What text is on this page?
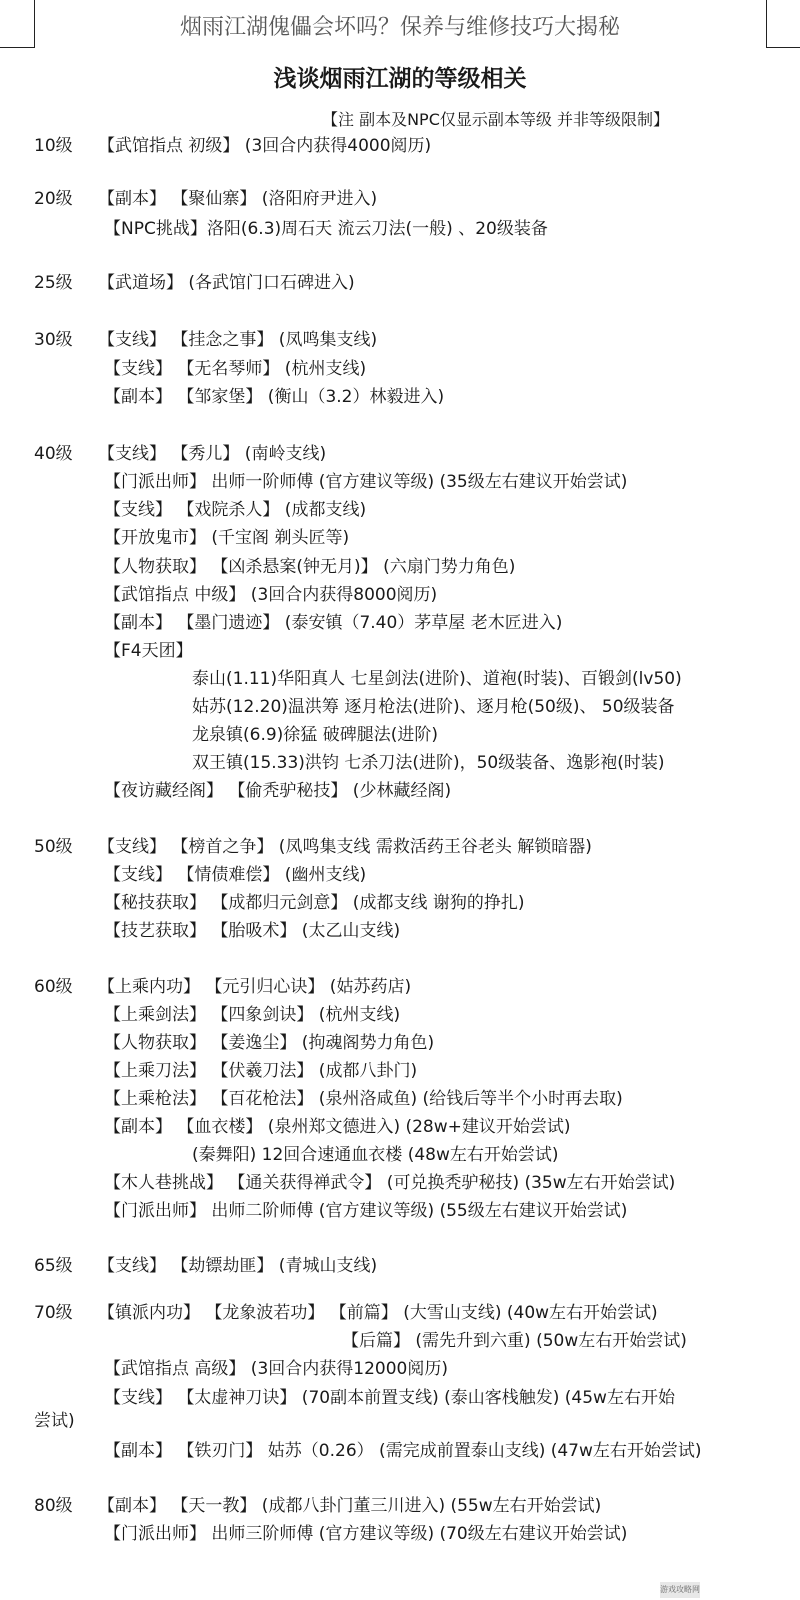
烟雨江湖傀儡会坏吗？保养与维修技巧大揭秘
浅谈烟雨江湖的等级相关
【注 副本及NPC仅显示副本等级 并非等级限制】
10级 【武馆指点 初级】 (3回合内获得4000阅历)
20级 【副本】 【聚仙寨】 (洛阳府尹进入)
【NPC挑战】洛阳(6.3)周石天 流云刀法(一般) 、20级装备
25级 【武道场】 (各武馆门口石碑进入)
30级 【支线】 【挂念之事】 (凤鸣集支线)
【支线】 【无名琴师】 (杭州支线)
【副本】 【邹家堡】 (衡山（3.2）林毅进入)
40级 【支线】 【秀儿】 (南岭支线)
【门派出师】 出师一阶师傅 (官方建议等级) (35级左右建议开始尝试)
【支线】 【戏院杀人】 (成都支线)
【开放鬼市】 (千宝阁 剃头匠等)
【人物获取】 【凶杀悬案(钟无月)】 (六扇门势力角色)
【武馆指点 中级】 (3回合内获得8000阅历)
【副本】 【墨门遗迹】 (泰安镇（7.40）茅草屋 老木匠进入)
【F4天团】
泰山(1.11)华阳真人 七星剑法(进阶)、道袍(时装)、百锻剑(lv50)
姑苏(12.20)温洪筹 逐月枪法(进阶)、逐月枪(50级)、 50级装备
龙泉镇(6.9)徐猛 破碑腿法(进阶)
双王镇(15.33)洪钧 七杀刀法(进阶)，50级装备、逸影袍(时装)
【夜访藏经阁】 【偷秃驴秘技】 (少林藏经阁)
50级 【支线】 【榜首之争】 (凤鸣集支线 需救活药王谷老头 解锁暗器)
【支线】 【情债难偿】 (幽州支线)
【秘技获取】 【成都归元剑意】 (成都支线 谢狗的挣扎)
【技艺获取】 【胎吸术】 (太乙山支线)
60级 【上乘内功】 【元引归心诀】 (姑苏药店)
【上乘剑法】 【四象剑诀】 (杭州支线)
【人物获取】 【姜逸尘】 (拘魂阁势力角色)
【上乘刀法】 【伏羲刀法】 (成都八卦门)
【上乘枪法】 【百花枪法】 (泉州洛咸鱼) (给钱后等半个小时再去取)
【副本】 【血衣楼】 (泉州郑文德进入) (28w+建议开始尝试)
(秦舞阳) 12回合速通血衣楼 (48w左右开始尝试)
【木人巷挑战】 【通关获得禅武令】 (可兑换秃驴秘技) (35w左右开始尝试)
【门派出师】 出师二阶师傅 (官方建议等级) (55级左右建议开始尝试)
65级 【支线】 【劫镖劫匪】 (青城山支线)
70级 【镇派内功】 【龙象波若功】 【前篇】 (大雪山支线) (40w左右开始尝试)
【后篇】 (需先升到六重) (50w左右开始尝试)
【武馆指点 高级】 (3回合内获得12000阅历)
【支线】 【太虚神刀诀】 (70副本前置支线) (泰山客栈触发) (45w左右开始
尝试)
【副本】 【铁刃门】 姑苏（0.26） (需完成前置泰山支线) (47w左右开始尝试)
80级 【副本】 【天一教】 (成都八卦门董三川进入) (55w左右开始尝试)
【门派出师】 出师三阶师傅 (官方建议等级) (70级左右建议开始尝试)
游戏攻略网
